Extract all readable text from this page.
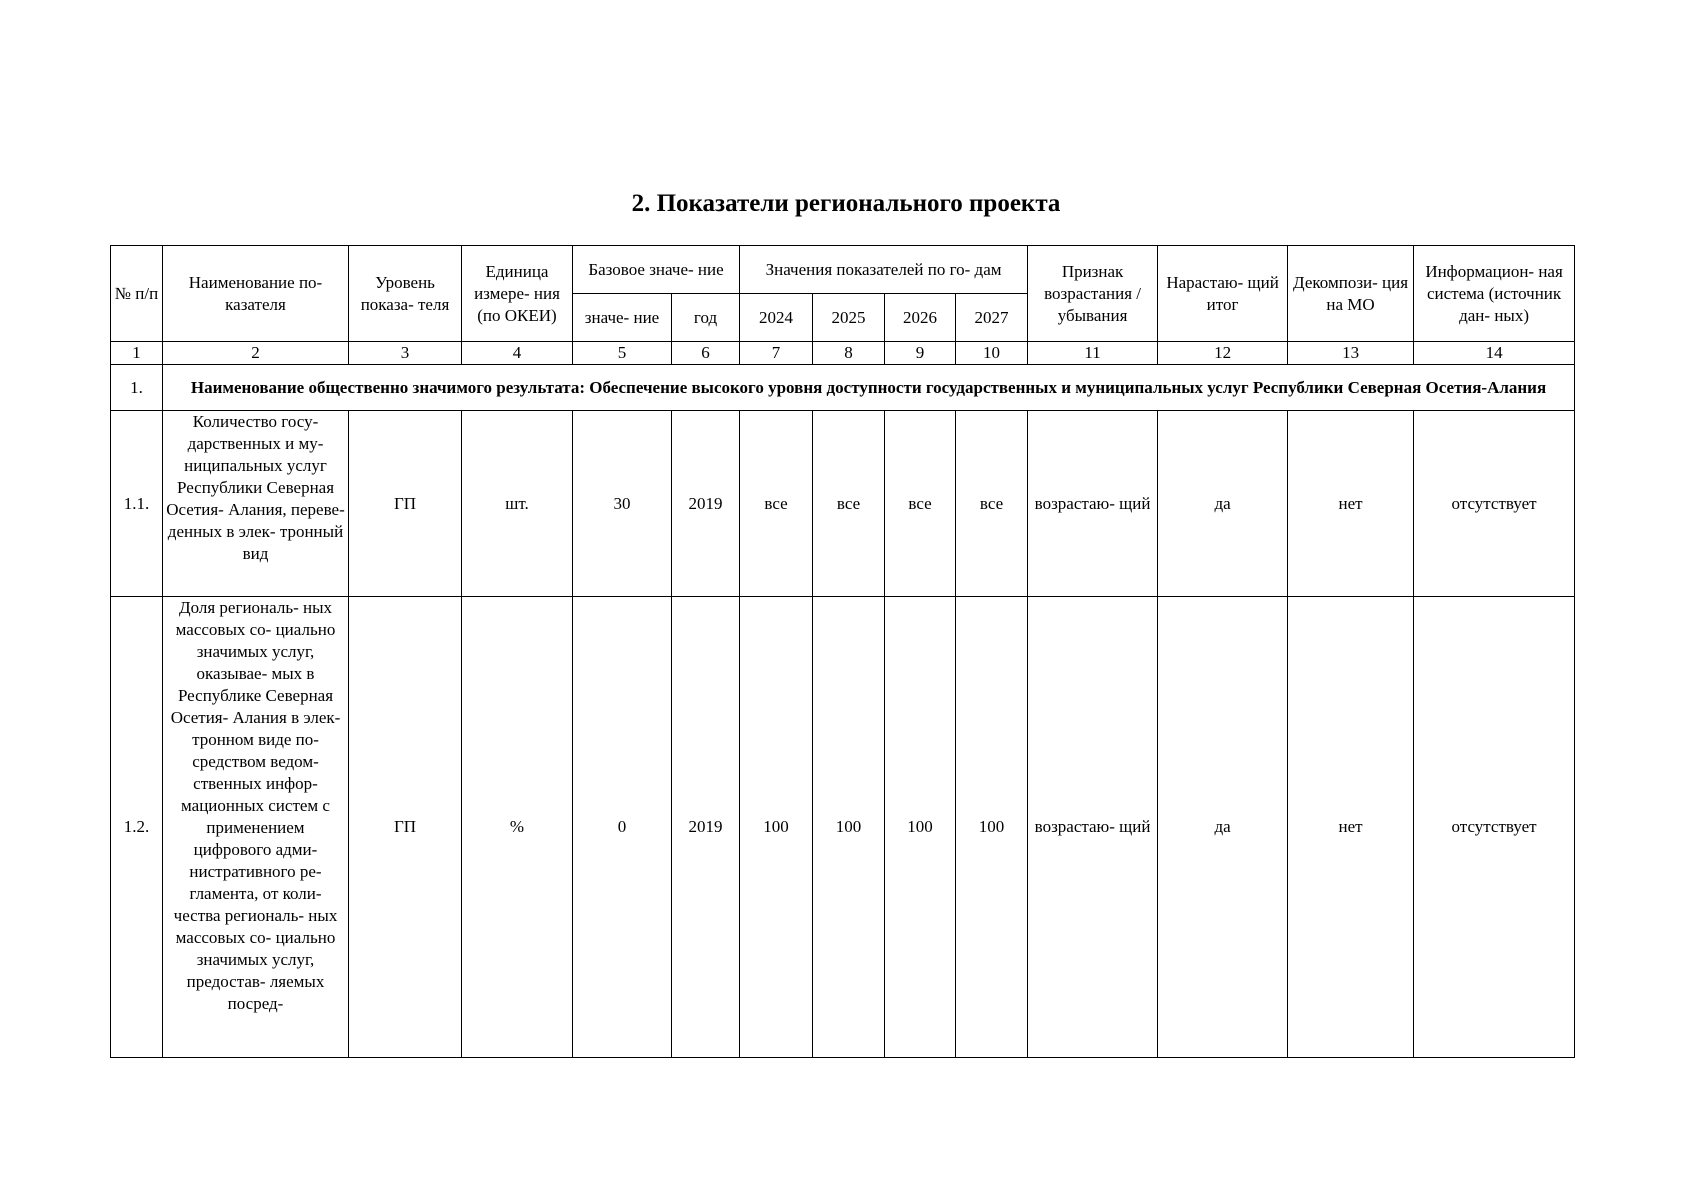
2. Показатели регионального проекта
№ п/п	Наименование по- казателя	Уровень показа- теля	Единица измере- ния (по ОКЕИ)	Базовое значе- ние		Значения показателей по го- дам				Признак возрастания / убывания	Нарастаю- щий итог	Декомпози- ция на МО	Информацион- ная система (источник дан- ных)
				значе- ние	год	2024	2025	2026	2027				
1	2	3	4	5	6	7	8	9	10	11	12	13	14
1.	Наименование общественно значимого результата: Обеспечение высокого уровня доступности государственных и муниципальных услуг Республики Северная Осетия-Алания												
1.1.	Количество госу- дарственных и му- ниципальных услуг Республики Северная Осетия- Алания, переве- денных в элек- тронный вид	ГП	шт.	30	2019	все	все	все	все	возрастаю- щий	да	нет	отсутствует
1.2.	Доля региональ- ных массовых со- циально значимых услуг, оказывае- мых в Республике Северная Осетия- Алания в элек- тронном виде по- средством ведом- ственных инфор- мационных систем с применением цифрового адми- нистративного ре- гламента, от коли- чества региональ- ных массовых со- циально значимых услуг, предостав- ляемых посред-	ГП	%	0	2019	100	100	100	100	возрастаю- щий	да	нет	отсутствует
